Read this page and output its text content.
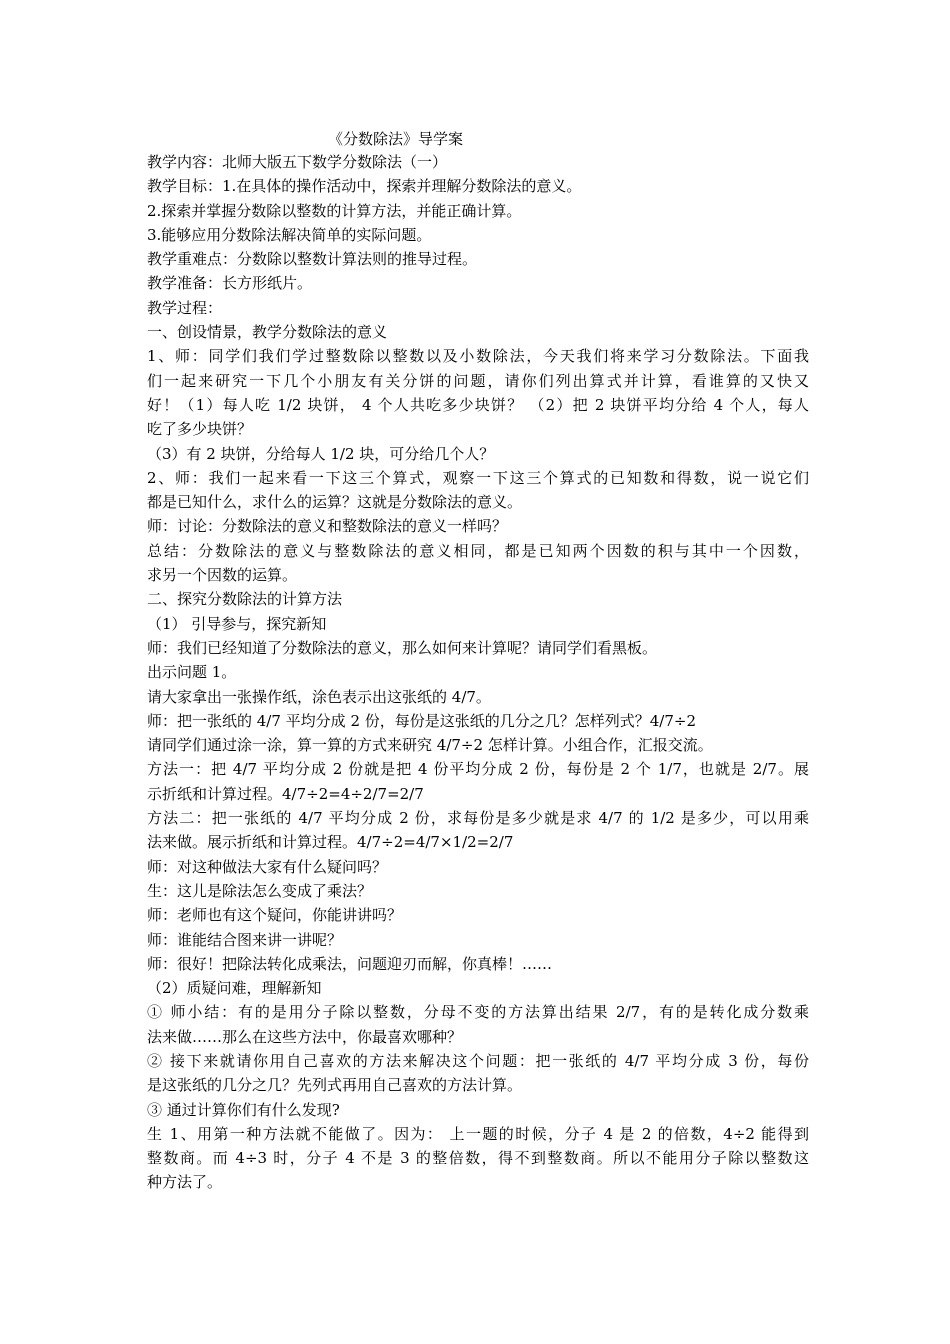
《分数除法》导学案
教学内容：北师大版五下数学分数除法（一）
教学目标：1.在具体的操作活动中，探索并理解分数除法的意义。
2.探索并掌握分数除以整数的计算方法，并能正确计算。
3.能够应用分数除法解决简单的实际问题。
教学重难点：分数除以整数计算法则的推导过程。
教学准备：长方形纸片。
教学过程：
一、创设情景，教学分数除法的意义
1、师：同学们我们学过整数除以整数以及小数除法，今天我们将来学习分数除法。下面我
们一起来研究一下几个小朋友有关分饼的问题，请你们列出算式并计算，看谁算的又快又
好！（1）每人吃 1/2 块饼， 4 个人共吃多少块饼？ （2）把 2 块饼平均分给 4 个人，每人
吃了多少块饼？
（3）有 2 块饼，分给每人 1/2 块，可分给几个人？
2、师：我们一起来看一下这三个算式，观察一下这三个算式的已知数和得数，说一说它们
都是已知什么，求什么的运算？这就是分数除法的意义。
师：讨论：分数除法的意义和整数除法的意义一样吗？
总结：分数除法的意义与整数除法的意义相同，都是已知两个因数的积与其中一个因数，
求另一个因数的运算。
二、探究分数除法的计算方法
（1） 引导参与，探究新知
师：我们已经知道了分数除法的意义，那么如何来计算呢？请同学们看黑板。
出示问题 1。
请大家拿出一张操作纸，涂色表示出这张纸的 4/7。
师：把一张纸的 4/7 平均分成 2 份，每份是这张纸的几分之几？怎样列式？4/7÷2
请同学们通过涂一涂，算一算的方式来研究 4/7÷2 怎样计算。小组合作，汇报交流。
方法一：把 4/7 平均分成 2 份就是把 4 份平均分成 2 份，每份是 2 个 1/7，也就是 2/7。展
示折纸和计算过程。4/7÷2=4÷2/7=2/7
方法二：把一张纸的 4/7 平均分成 2 份，求每份是多少就是求 4/7 的 1/2 是多少，可以用乘
法来做。展示折纸和计算过程。4/7÷2=4/7×1/2=2/7
师：对这种做法大家有什么疑问吗？
生：这儿是除法怎么变成了乘法？
师：老师也有这个疑问，你能讲讲吗？
师：谁能结合图来讲一讲呢？
师：很好！把除法转化成乘法，问题迎刃而解，你真棒！……
（2）质疑问难，理解新知
① 师小结：有的是用分子除以整数，分母不变的方法算出结果 2/7，有的是转化成分数乘
法来做……那么在这些方法中，你最喜欢哪种？
② 接下来就请你用自己喜欢的方法来解决这个问题：把一张纸的 4/7 平均分成 3 份，每份
是这张纸的几分之几？先列式再用自己喜欢的方法计算。
③ 通过计算你们有什么发现?
生 1、用第一种方法就不能做了。因为： 上一题的时候，分子 4 是 2 的倍数，4÷2 能得到
整数商。而 4÷3 时，分子 4 不是 3 的整倍数，得不到整数商。所以不能用分子除以整数这
种方法了。
